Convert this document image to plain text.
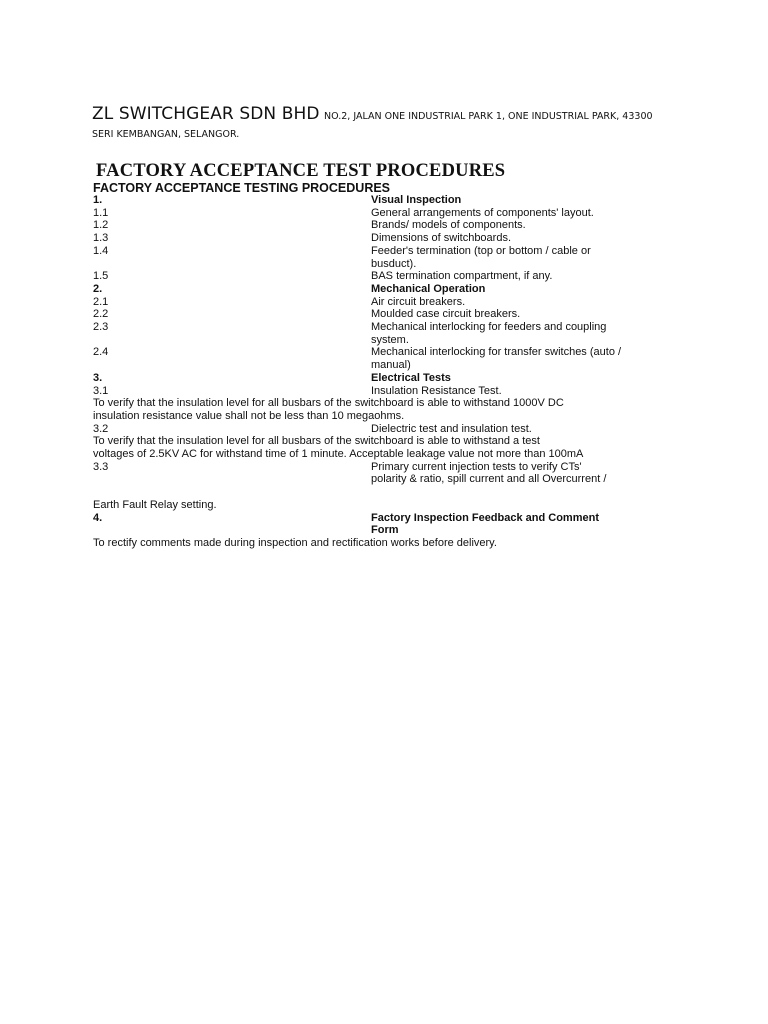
ZL SWITCHGEAR SDN BHD NO.2, JALAN ONE INDUSTRIAL PARK 1, ONE INDUSTRIAL PARK, 43300
SERI KEMBANGAN, SELANGOR.
FACTORY ACCEPTANCE TEST PROCEDURES
FACTORY ACCEPTANCE TESTING PROCEDURES
1.	Visual Inspection
1.1	General arrangements of components' layout.
1.2	Brands/ models of components.
1.3	Dimensions of switchboards.
1.4	Feeder's termination (top or bottom / cable or
busduct).
1.5	BAS termination compartment, if any.
2.	Mechanical Operation
2.1	Air circuit breakers.
2.2	Moulded case circuit breakers.
2.3	Mechanical interlocking for feeders and coupling
system.
2.4	Mechanical interlocking for transfer switches (auto /
manual)
3.	Electrical Tests
3.1	Insulation Resistance Test.
To verify that the insulation level for all busbars of the switchboard is able to withstand 1000V DC
insulation resistance value shall not be less than 10 megaohms.
3.2	Dielectric test and insulation test.
To verify that the insulation level for all busbars of the switchboard is able to withstand a test
voltages of 2.5KV AC for withstand time of 1 minute. Acceptable leakage value not more than 100mA
3.3	Primary current injection tests to verify CTs'
polarity & ratio, spill current and all Overcurrent /
Earth Fault Relay setting.
4.	Factory Inspection Feedback and Comment
Form
To rectify comments made during inspection and rectification works before delivery.
